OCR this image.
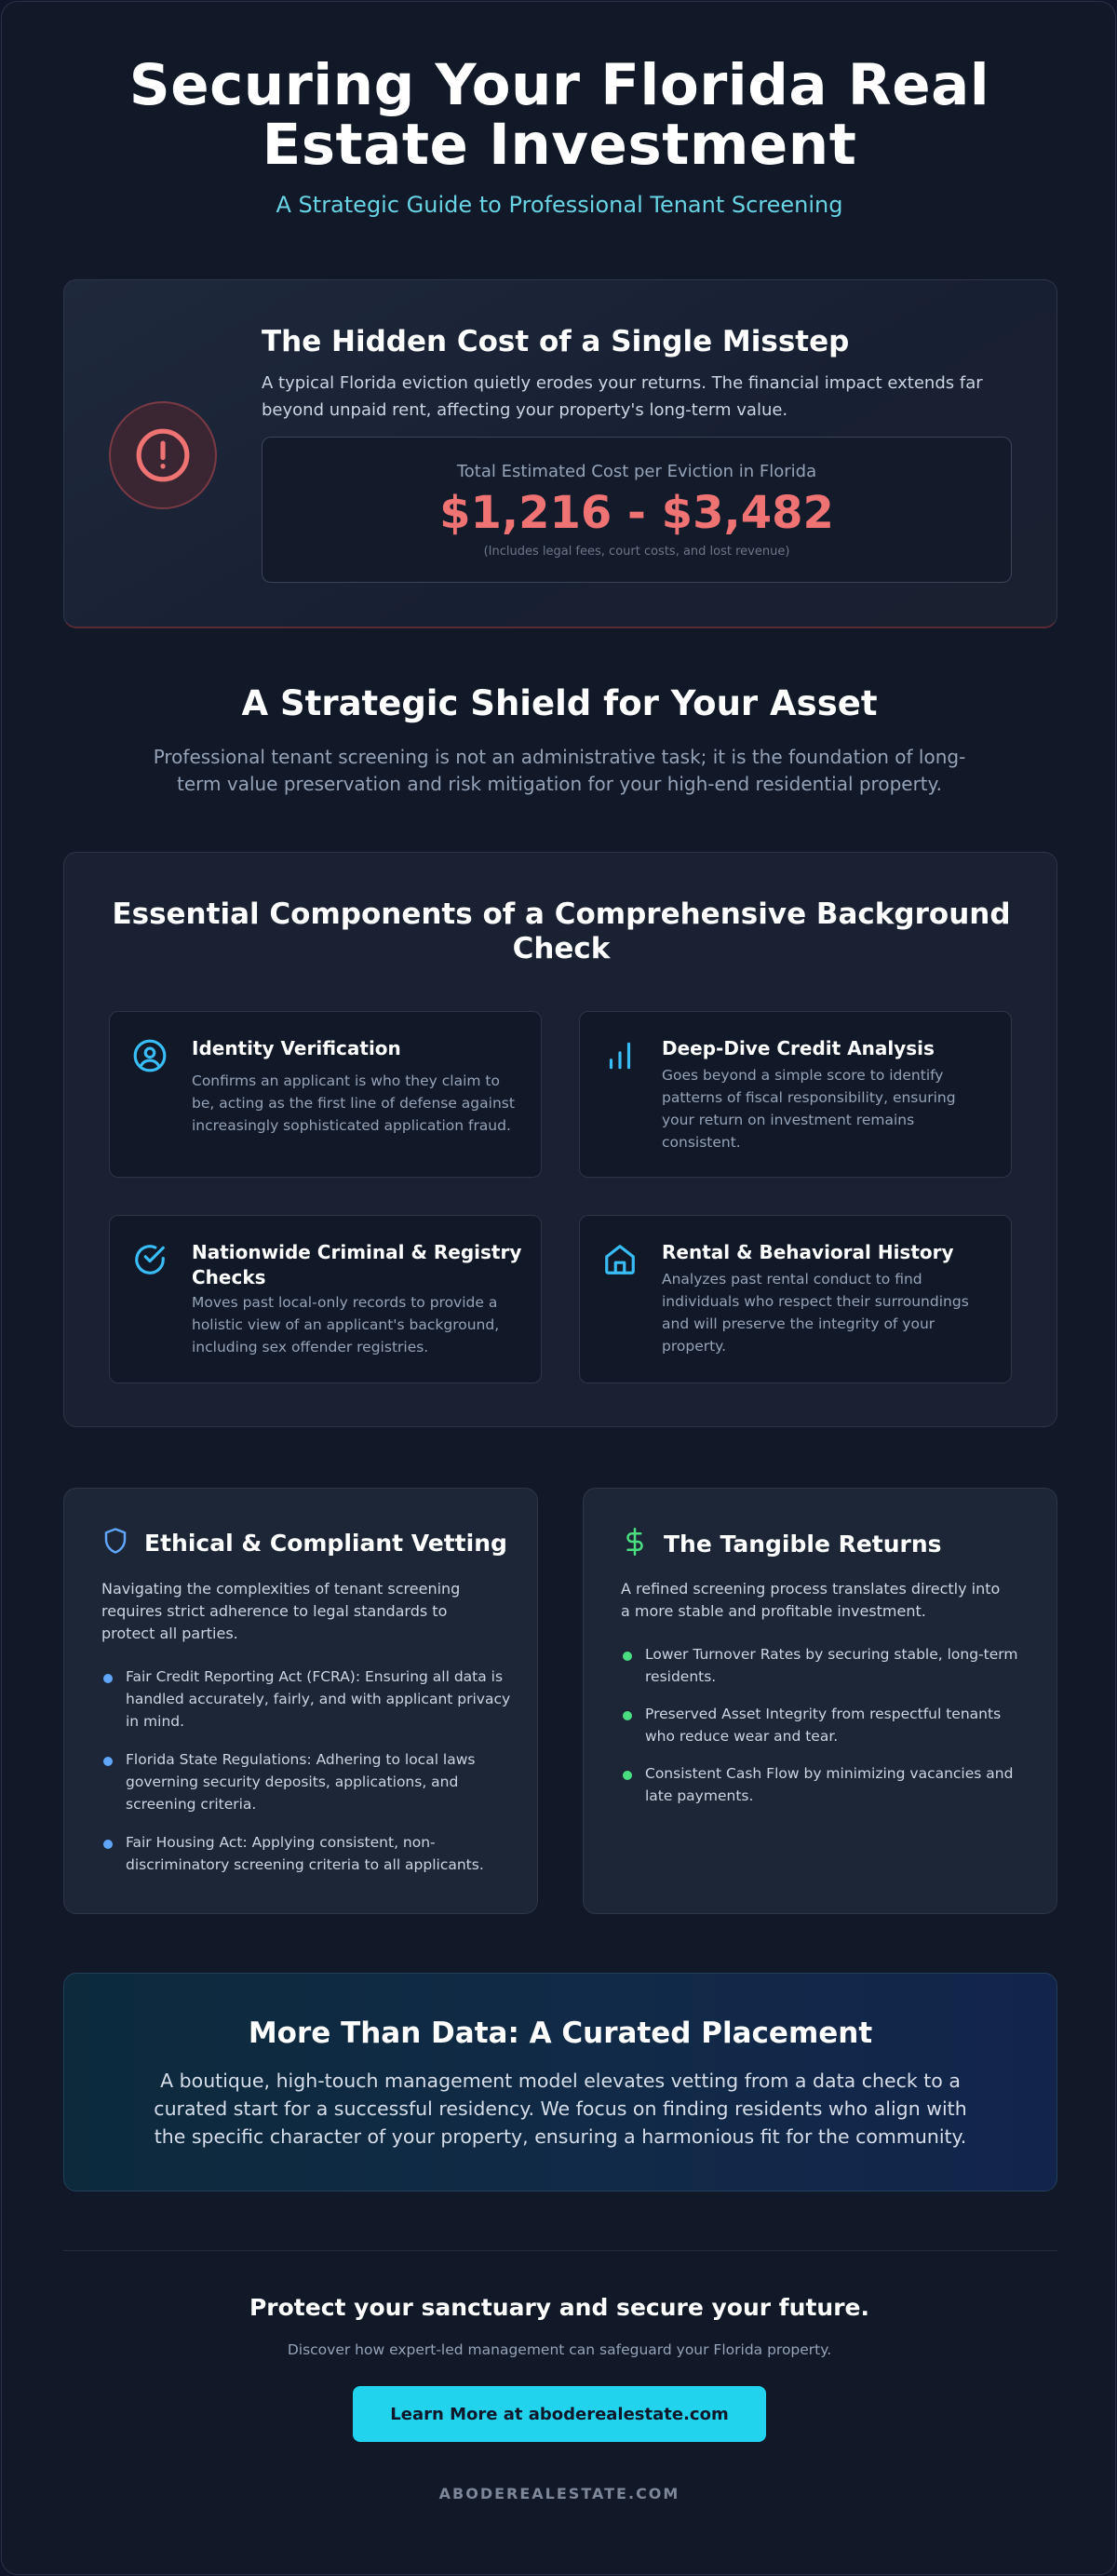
Securing Your Florida Real
Estate Investment
A Strategic Guide to Professional Tenant Screening
The Hidden Cost of a Single Misstep
A typical Florida eviction quietly erodes your returns. The financial impact extends far
beyond unpaid rent, affecting your property's long-term value.
Total Estimated Cost per Eviction in Florida
$1,216 - $3,482
(Includes legal fees, court costs, and lost revenue)
A Strategic Shield for Your Asset

Professional tenant screening is not an administrative task; it is the foundation of long-term value preservation and risk mitigation for your high-end residential property.

Essential Components of a Comprehensive Background
Check
Identity Verification

Confirms an applicant is who they claim to be, acting as the first line of defense against increasingly sophisticated application fraud.

Deep-Dive Credit Analysis

Goes beyond a simple score to identify patterns of fiscal responsibility, ensuring your return on investment remains consistent.

Nationwide Criminal & Registry Checks

Moves past local-only records to provide a holistic view of an applicant's background, including sex offender registries.

Rental & Behavioral History

Analyzes past rental conduct to find individuals who respect their surroundings and will preserve the integrity of your property.

Ethical & Compliant Vetting

Navigating the complexities of tenant screening requires strict adherence to legal standards to protect all parties.

Fair Credit Reporting Act (FCRA): Ensuring all data is handled accurately, fairly, and with applicant privacy in mind.
Florida State Regulations: Adhering to local laws governing security deposits, applications, and screening criteria.
Fair Housing Act: Applying consistent, non-discriminatory screening criteria to all applicants.
The Tangible Returns

A refined screening process translates directly into a more stable and profitable investment.

Lower Turnover Rates by securing stable, long-term residents.
Preserved Asset Integrity from respectful tenants who reduce wear and tear.
Consistent Cash Flow by minimizing vacancies and late payments.
More Than Data: A Curated Placement

A boutique, high-touch management model elevates vetting from a data check to a curated start for a successful residency. We focus on finding residents who align with the specific character of your property, ensuring a harmonious fit for the community.

Protect your sanctuary and secure your future.
Discover how expert-led management can safeguard your Florida property.
Learn More at aboderealestate.com
ABODEREALESTATE.COM
